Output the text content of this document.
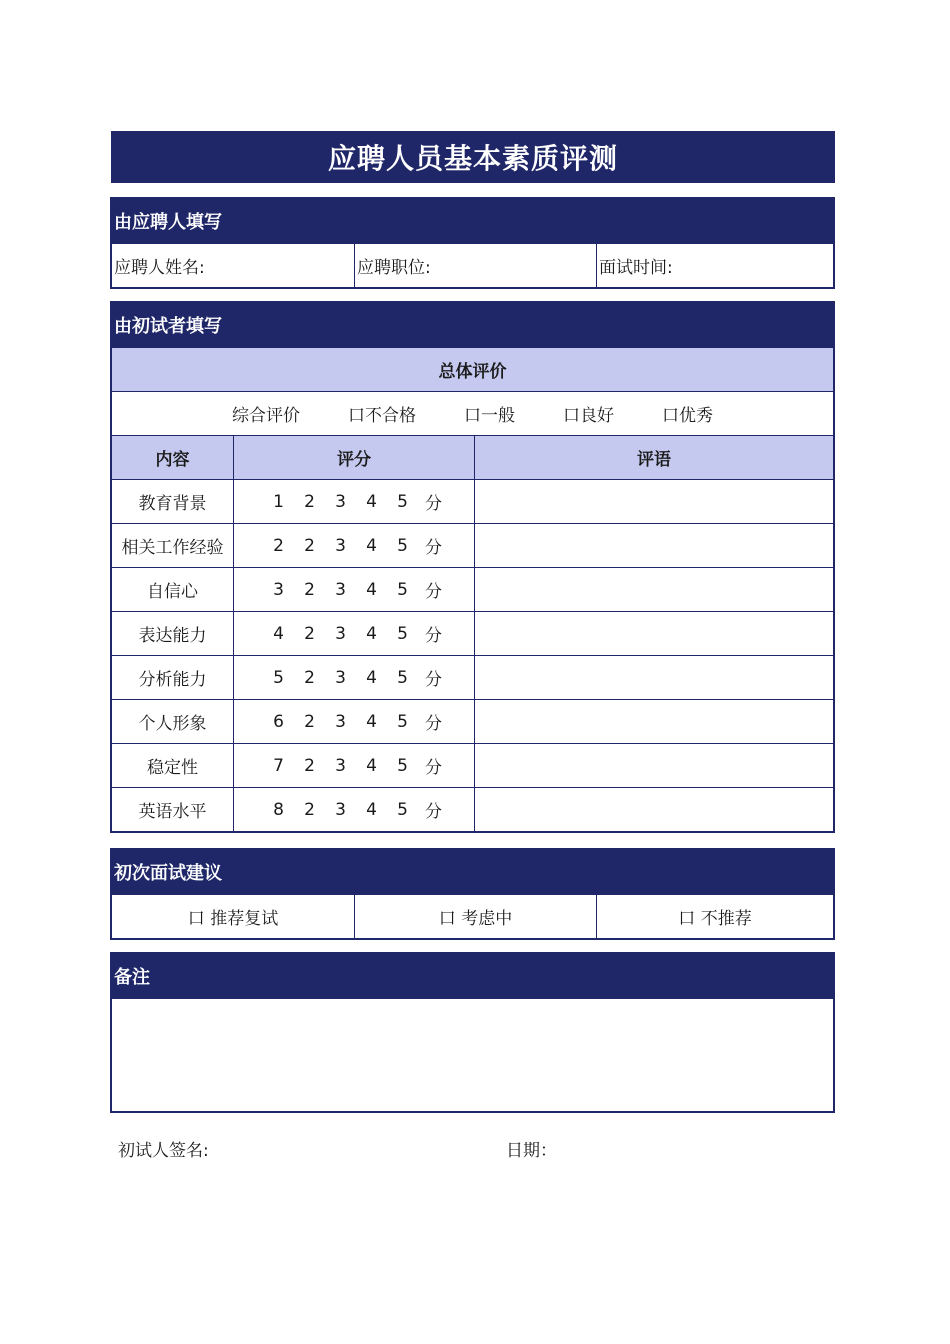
应聘人员基本素质评测
由应聘人填写
应聘人姓名:	应聘职位:	面试时间:
由初试者填写
总体评价
综合评价	口不合格	口一般	口良好	口优秀
内容	评分	评语
教育背景	1	2	3	4	5	分
相关工作经验	2	2	3	4	5	分
自信心	3	2	3	4	5	分
表达能力	4	2	3	4	5	分
分析能力	5	2	3	4	5	分
个人形象	6	2	3	4	5	分
稳定性	7	2	3	4	5	分
英语水平	8	2	3	4	5	分
初次面试建议
口 推荐复试	口 考虑中	口 不推荐
备注
初试人签名:	日期：
